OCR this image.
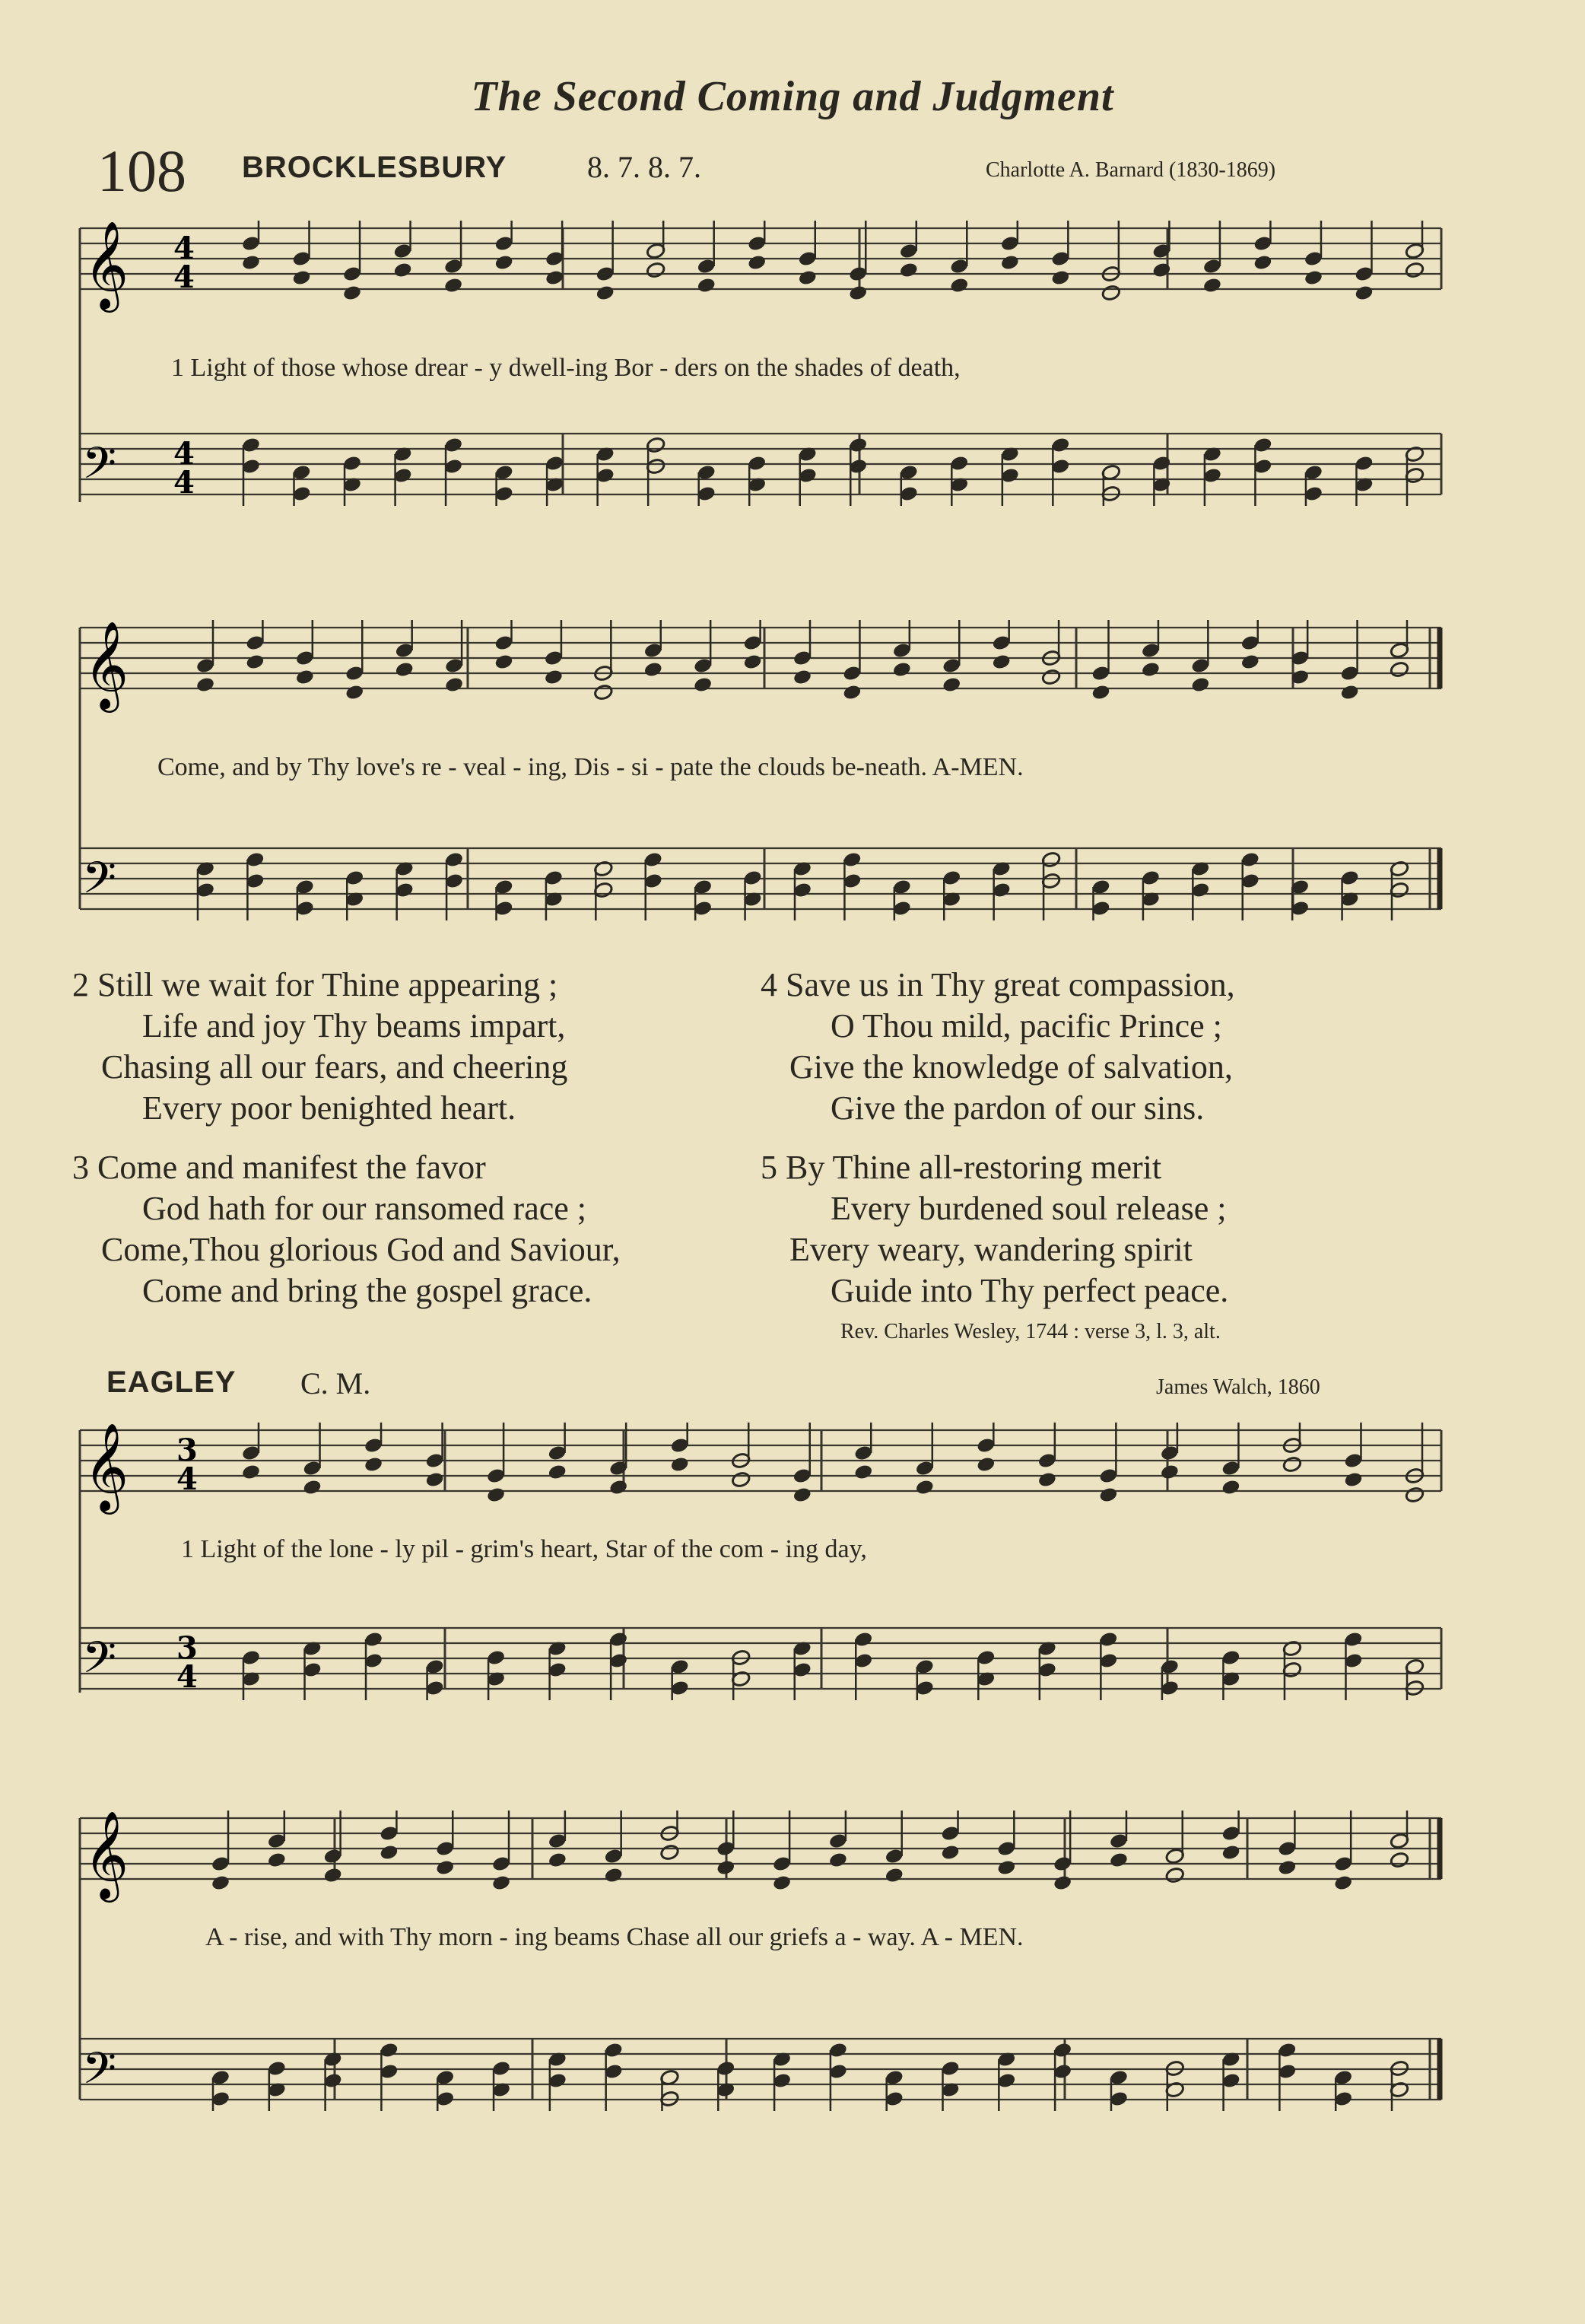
The Second Coming and Judgment
108 BROCKLESBURY	8. 7. 8. 7.	Charlotte A. Barnard (1830-1869)
𝄞 4
4
𝄢 4
4
𝄞
𝄢
𝄞 3
4
𝄢 3
4
𝄞
𝄢
1 Light of those whose drear - y dwell-ing Bor - ders on the shades of death,
Come, and by Thy love's re - veal - ing, Dis - si - pate the clouds be-neath. A-MEN.
2 Still we wait for Thine appearing ;
Life and joy Thy beams impart,
Chasing all our fears, and cheering
Every poor benighted heart.
3 Come and manifest the favor
God hath for our ransomed race ;
Come,Thou glorious God and Saviour,
Come and bring the gospel grace.
4 Save us in Thy great compassion,
O Thou mild, pacific Prince ;
Give the knowledge of salvation,
Give the pardon of our sins.
5 By Thine all-restoring merit
Every burdened soul release ;
Every weary, wandering spirit
Guide into Thy perfect peace.
Rev. Charles Wesley, 1744 : verse 3, l. 3, alt.
EAGLEY C. M.	James Walch, 1860
1 Light of the lone - ly pil - grim's heart, Star of the com - ing day,
A - rise, and with Thy morn - ing beams Chase all our griefs a - way. A - MEN.
